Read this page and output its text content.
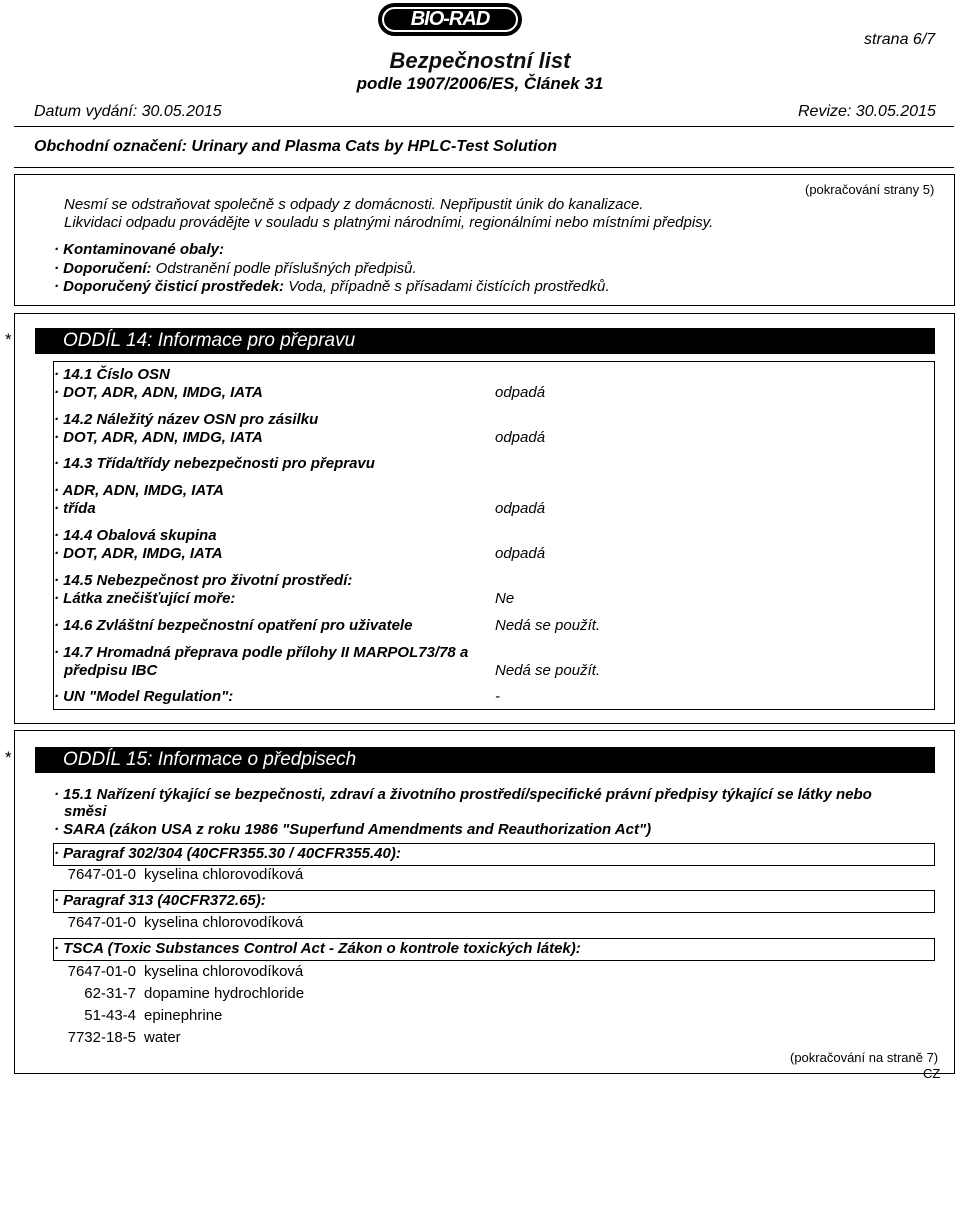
BIO-RAD
strana 6/7
Bezpečnostní list
podle 1907/2006/ES, Článek 31
Datum vydání: 30.05.2015	Revize: 30.05.2015
Obchodní označení: Urinary and Plasma Cats by HPLC-Test Solution
(pokračování strany 5)
Nesmí se odstraňovat společně s odpady z domácnosti. Nepřipustit únik do kanalizace.
Likvidaci odpadu provádějte v souladu s platnými národními, regionálními nebo místními předpisy.
· Kontaminované obaly:
· Doporučení: Odstranění podle příslušných předpisů.
· Doporučený čisticí prostředek: Voda, případně s přísadami čistících prostředků.
*	ODDÍL 14: Informace pro přepravu
· 14.1 Číslo OSN
· DOT, ADR, ADN, IMDG, IATA	odpadá
· 14.2 Náležitý název OSN pro zásilku
· DOT, ADR, ADN, IMDG, IATA	odpadá
· 14.3 Třída/třídy nebezpečnosti pro přepravu
· ADR, ADN, IMDG, IATA
· třída	odpadá
· 14.4 Obalová skupina
· DOT, ADR, IMDG, IATA	odpadá
· 14.5 Nebezpečnost pro životní prostředí:
· Látka znečišťující moře:	Ne
· 14.6 Zvláštní bezpečnostní opatření pro uživatele	Nedá se použít.
· 14.7 Hromadná přeprava podle přílohy II MARPOL73/78 a
předpisu IBC	Nedá se použít.
· UN "Model Regulation":	-
*	ODDÍL 15: Informace o předpisech
· 15.1 Nařízení týkající se bezpečnosti, zdraví a životního prostředí/specifické právní předpisy týkající se látky nebo
směsi
· SARA (zákon USA z roku 1986 "Superfund Amendments and Reauthorization Act")
· Paragraf 302/304 (40CFR355.30 / 40CFR355.40):
7647-01-0 kyselina chlorovodíková
· Paragraf 313 (40CFR372.65):
7647-01-0 kyselina chlorovodíková
· TSCA (Toxic Substances Control Act - Zákon o kontrole toxických látek):
7647-01-0 kyselina chlorovodíková
62-31-7 dopamine hydrochloride
51-43-4 epinephrine
7732-18-5 water
(pokračování na straně 7)
CZ
